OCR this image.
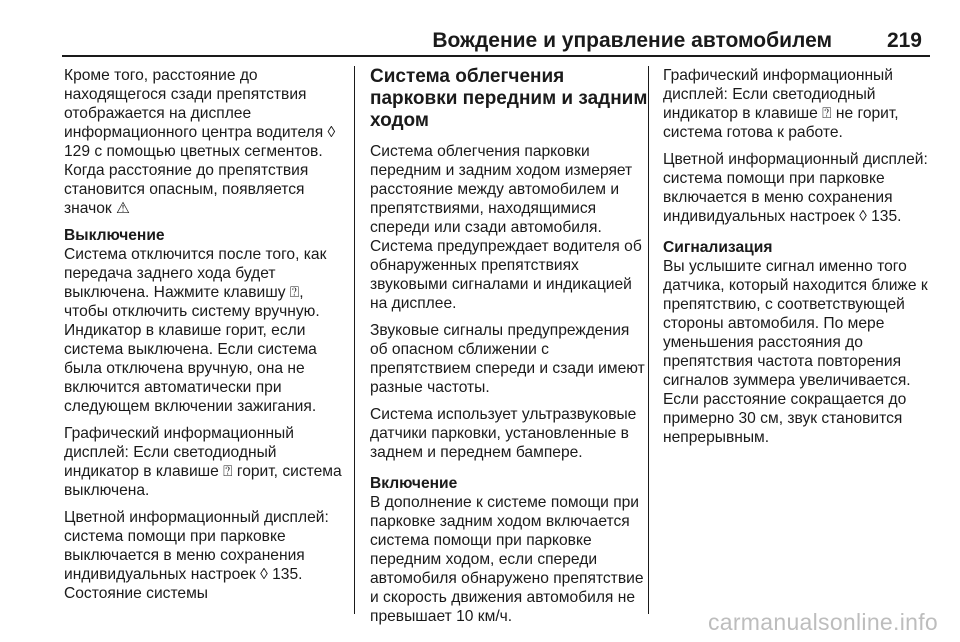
Вождение и управление автомобилем	219

Кроме того, расстояние до находящегося сзади препятствия отображается на дисплее информационного центра водителя ◊ 129 с помощью цветных сегментов. Когда расстояние до препятствия становится опасным, появляется значок ⚠

Выключение

Система отключится после того, как передача заднего хода будет выключена. Нажмите клавишу ⍰, чтобы отключить систему вручную. Индикатор в клавише горит, если система выключена. Если система была отключена вручную, она не включится автоматически при следующем включении зажигания.

Графический информационный дисплей: Если светодиодный индикатор в клавише ⍰ горит, система выключена.

Цветной информационный дисплей: система помощи при парковке выключается в меню сохранения индивидуальных настроек ◊ 135. Состояние системы

Система облегчения парковки передним и задним ходом

Система облегчения парковки передним и задним ходом измеряет расстояние между автомобилем и препятствиями, находящимися спереди или сзади автомобиля. Система предупреждает водителя об обнаруженных препятствиях звуковыми сигналами и индикацией на дисплее.

Звуковые сигналы предупреждения об опасном сближении с препятствием спереди и сзади имеют разные частоты.

Система использует ультразвуковые датчики парковки, установленные в заднем и переднем бампере.

Включение

В дополнение к системе помощи при парковке задним ходом включается система помощи при парковке передним ходом, если спереди автомобиля обнаружено препятствие и скорость движения автомобиля не превышает 10 км/ч.

Графический информационный дисплей: Если светодиодный индикатор в клавише ⍰ не горит, система готова к работе.

Цветной информационный дисплей: система помощи при парковке включается в меню сохранения индивидуальных настроек ◊ 135.

Сигнализация

Вы услышите сигнал именно того датчика, который находится ближе к препятствию, с соответствующей стороны автомобиля. По мере уменьшения расстояния до препятствия частота повторения сигналов зуммера увеличивается. Если расстояние сокращается до примерно 30 см, звук становится непрерывным.

carmanualsonline.info
